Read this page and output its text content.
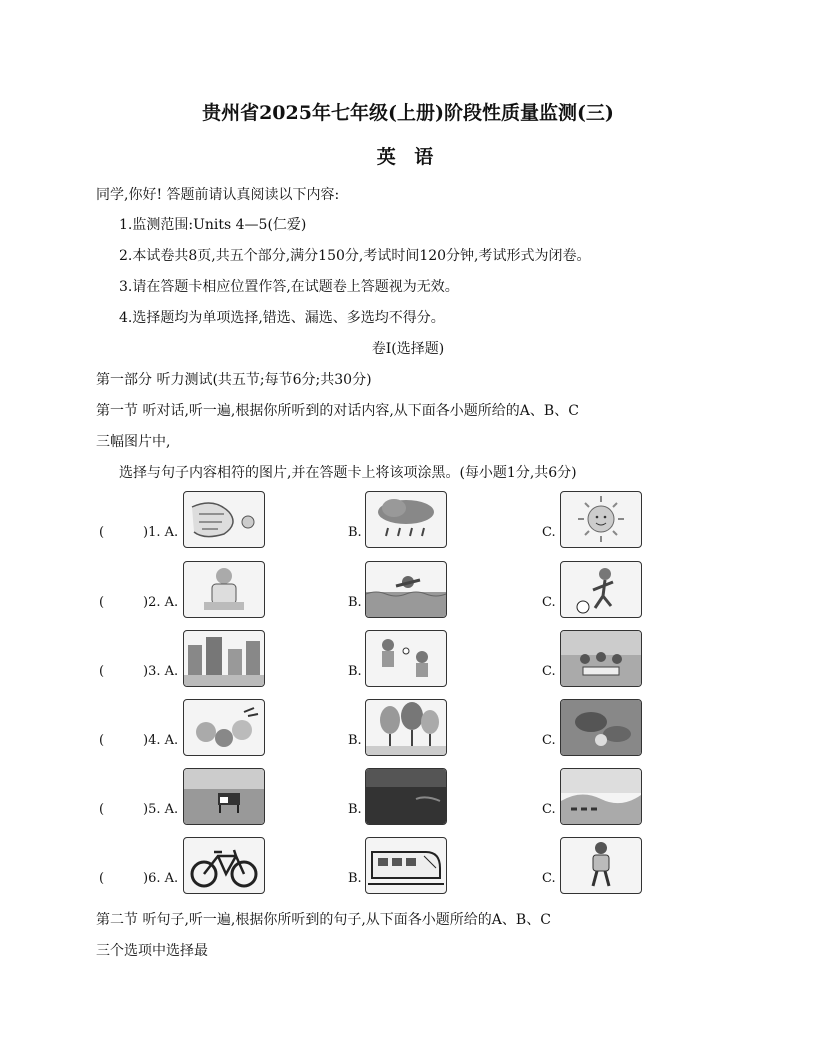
贵州省2025年七年级(上册)阶段性质量监测(三)
英 语
同学,你好! 答题前请认真阅读以下内容:
1.监测范围:Units 4—5(仁爱)
2.本试卷共8页,共五个部分,满分150分,考试时间120分钟,考试形式为闭卷。
3.请在答题卡相应位置作答,在试题卷上答题视为无效。
4.选择题均为单项选择,错选、漏选、多选均不得分。
卷Ⅰ(选择题)
第一部分 听力测试(共五节;每节6分;共30分)
第一节 听对话,听一遍,根据你所听到的对话内容,从下面各小题所给的A、B、C
三幅图片中,
选择与句子内容相符的图片,并在答题卡上将该项涂黑。(每小题1分,共6分)
(	)1. A.	B.	C.
(	)2. A.	B.	C.
(	)3. A.	B.	C.
(	)4. A.	B.	C.
(	)5. A.	B.	C.
(	)6. A.	B.	C.
第二节 听句子,听一遍,根据你所听到的句子,从下面各小题所给的A、B、C
三个选项中选择最
